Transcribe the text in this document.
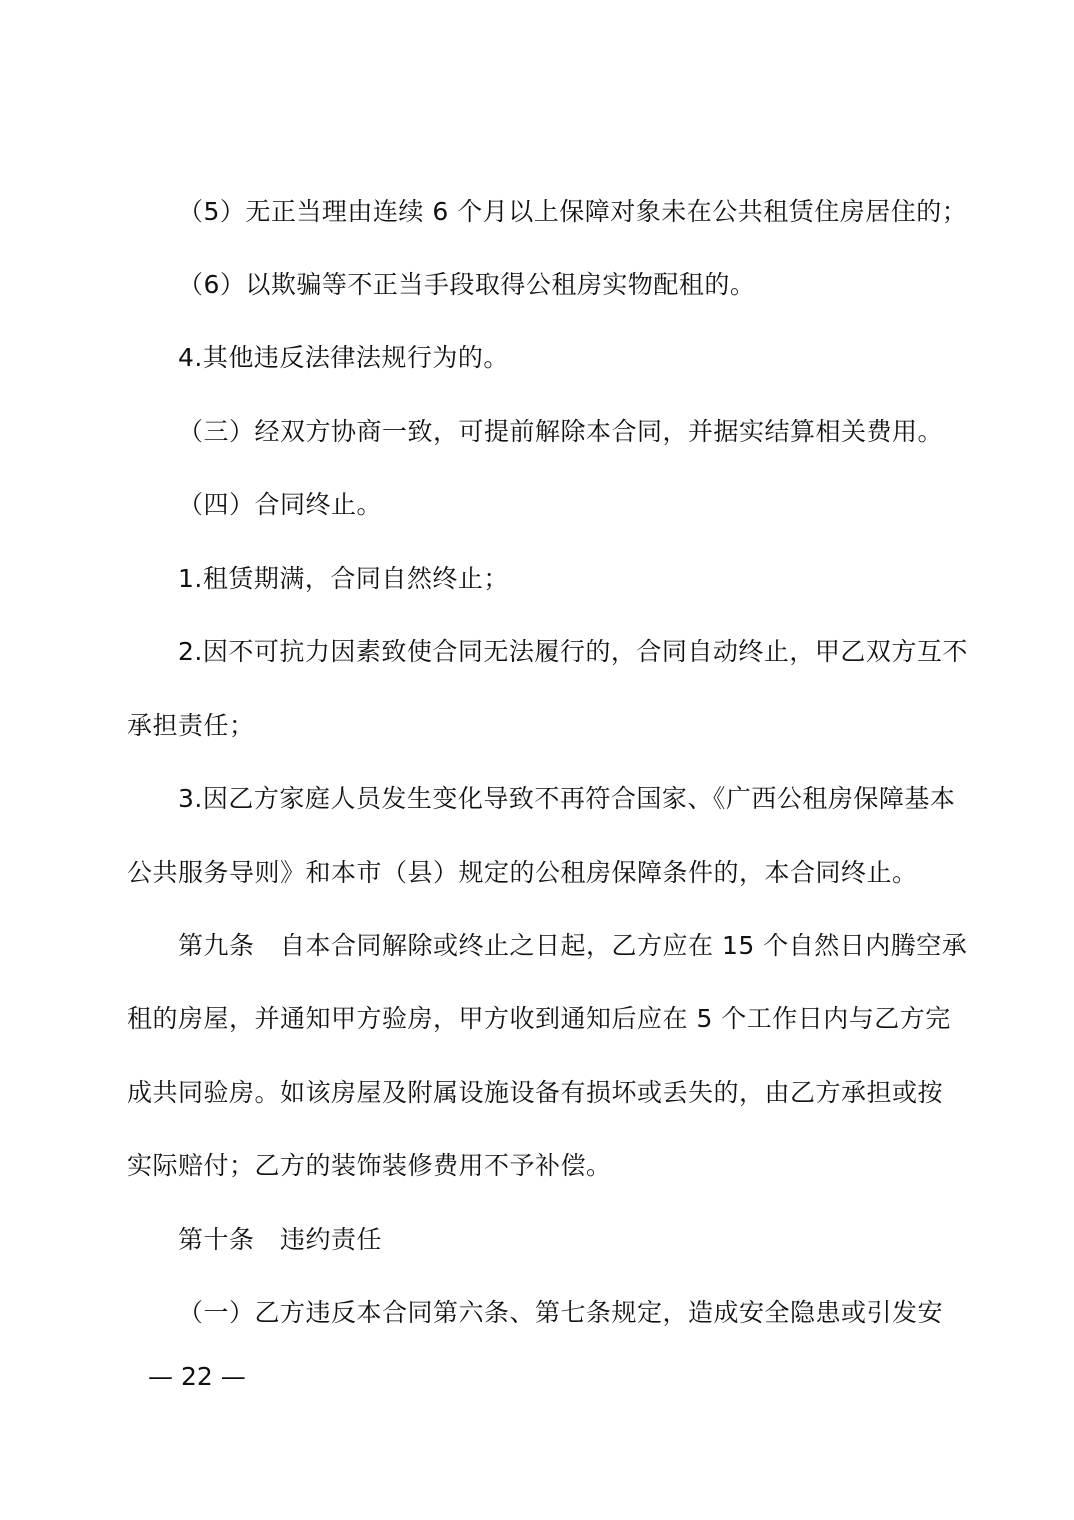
（5）无正当理由连续 6 个月以上保障对象未在公共租赁住房居住的；
（6）以欺骗等不正当手段取得公租房实物配租的。
4.其他违反法律法规行为的。
（三）经双方协商一致，可提前解除本合同，并据实结算相关费用。
（四）合同终止。
1.租赁期满，合同自然终止；
2.因不可抗力因素致使合同无法履行的，合同自动终止，甲乙双方互不
承担责任；
3.因乙方家庭人员发生变化导致不再符合国家、《广西公租房保障基本
公共服务导则》和本市（县）规定的公租房保障条件的，本合同终止。
第九条　自本合同解除或终止之日起，乙方应在 15 个自然日内腾空承
租的房屋，并通知甲方验房，甲方收到通知后应在 5 个工作日内与乙方完
成共同验房。如该房屋及附属设施设备有损坏或丢失的，由乙方承担或按
实际赔付；乙方的装饰装修费用不予补偿。
第十条　违约责任
（一）乙方违反本合同第六条、第七条规定，造成安全隐患或引发安
— 22 —
